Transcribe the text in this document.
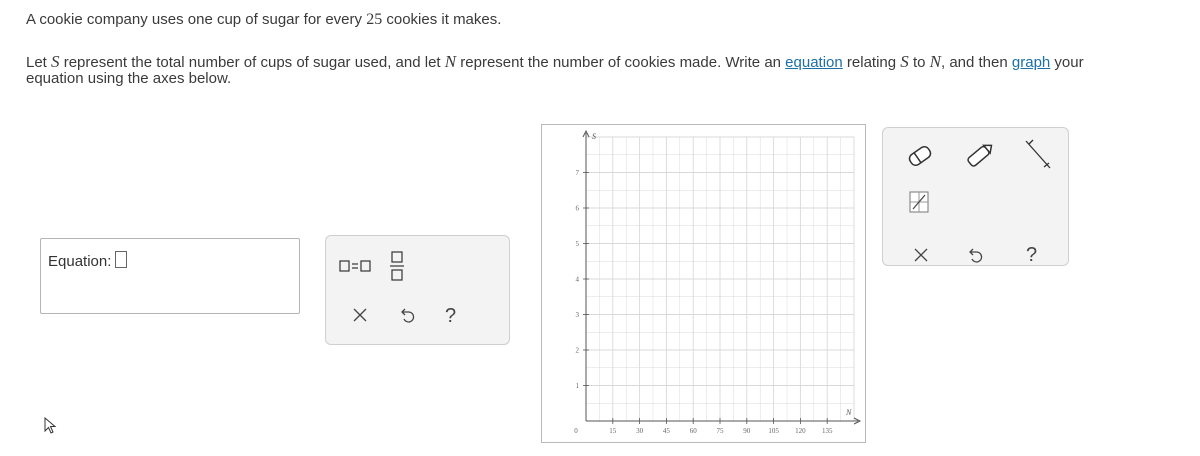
A cookie company uses one cup of sugar for every 25 cookies it makes.
Let S represent the total number of cups of sugar used, and let N represent the number of cookies made. Write an equation relating S to N, and then graph your
equation using the axes below.
Equation:
?
15	30	45	60	75	90	105 120 135
1
2
3
4
5
6
7
0
S
N
?
